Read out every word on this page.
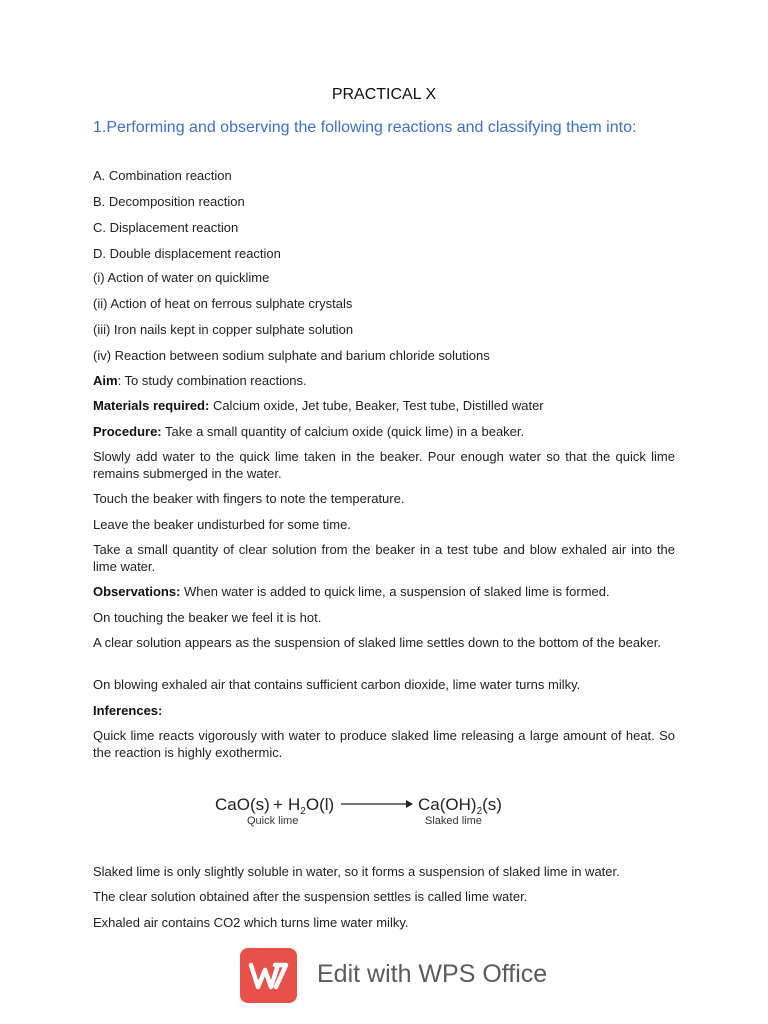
PRACTICAL X
1.Performing and observing the following reactions and classifying them into:
A. Combination reaction
B. Decomposition reaction
C. Displacement reaction
D. Double displacement reaction
(i) Action of water on quicklime
(ii) Action of heat on ferrous sulphate crystals
(iii) Iron nails kept in copper sulphate solution
(iv) Reaction between sodium sulphate and barium chloride solutions
Aim: To study combination reactions.
Materials required: Calcium oxide, Jet tube, Beaker, Test tube, Distilled water
Procedure: Take a small quantity of calcium oxide (quick lime) in a beaker.
Slowly add water to the quick lime taken in the beaker. Pour enough water so that the quick lime remains submerged in the water.
Touch the beaker with fingers to note the temperature.
Leave the beaker undisturbed for some time.
Take a small quantity of clear solution from the beaker in a test tube and blow exhaled air into the lime water.
Observations: When water is added to quick lime, a suspension of slaked lime is formed.
On touching the beaker we feel it is hot.
A clear solution appears as the suspension of slaked lime settles down to the bottom of the beaker.
On blowing exhaled air that contains sufficient carbon dioxide, lime water turns milky.
Inferences:
Quick lime reacts vigorously with water to produce slaked lime releasing a large amount of heat. So the reaction is highly exothermic.
Slaked lime is only slightly soluble in water, so it forms a suspension of slaked lime in water.
The clear solution obtained after the suspension settles is called lime water.
Exhaled air contains CO2 which turns lime water milky.
$CaO(s) + H_2O(l)$	$Ca(OH)_2(s)$
Quick lime	Slaked lime
Edit with WPS Office
